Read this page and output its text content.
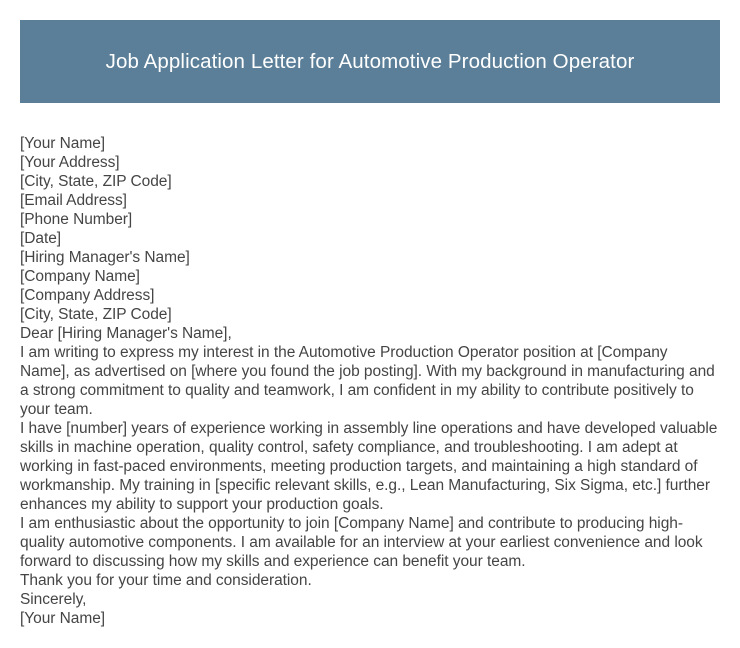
Job Application Letter for Automotive Production Operator

[Your Name]

[Your Address]

[City, State, ZIP Code]

[Email Address]

[Phone Number]

[Date]

[Hiring Manager's Name]

[Company Name]

[Company Address]

[City, State, ZIP Code]

Dear [Hiring Manager's Name],

I am writing to express my interest in the Automotive Production Operator position at [Company Name], as advertised on [where you found the job posting]. With my background in manufacturing and a strong commitment to quality and teamwork, I am confident in my ability to contribute positively to your team.

I have [number] years of experience working in assembly line operations and have developed valuable skills in machine operation, quality control, safety compliance, and troubleshooting. I am adept at working in fast-paced environments, meeting production targets, and maintaining a high standard of workmanship. My training in [specific relevant skills, e.g., Lean Manufacturing, Six Sigma, etc.] further enhances my ability to support your production goals.

I am enthusiastic about the opportunity to join [Company Name] and contribute to producing high-quality automotive components. I am available for an interview at your earliest convenience and look forward to discussing how my skills and experience can benefit your team.

Thank you for your time and consideration.

Sincerely,

[Your Name]
